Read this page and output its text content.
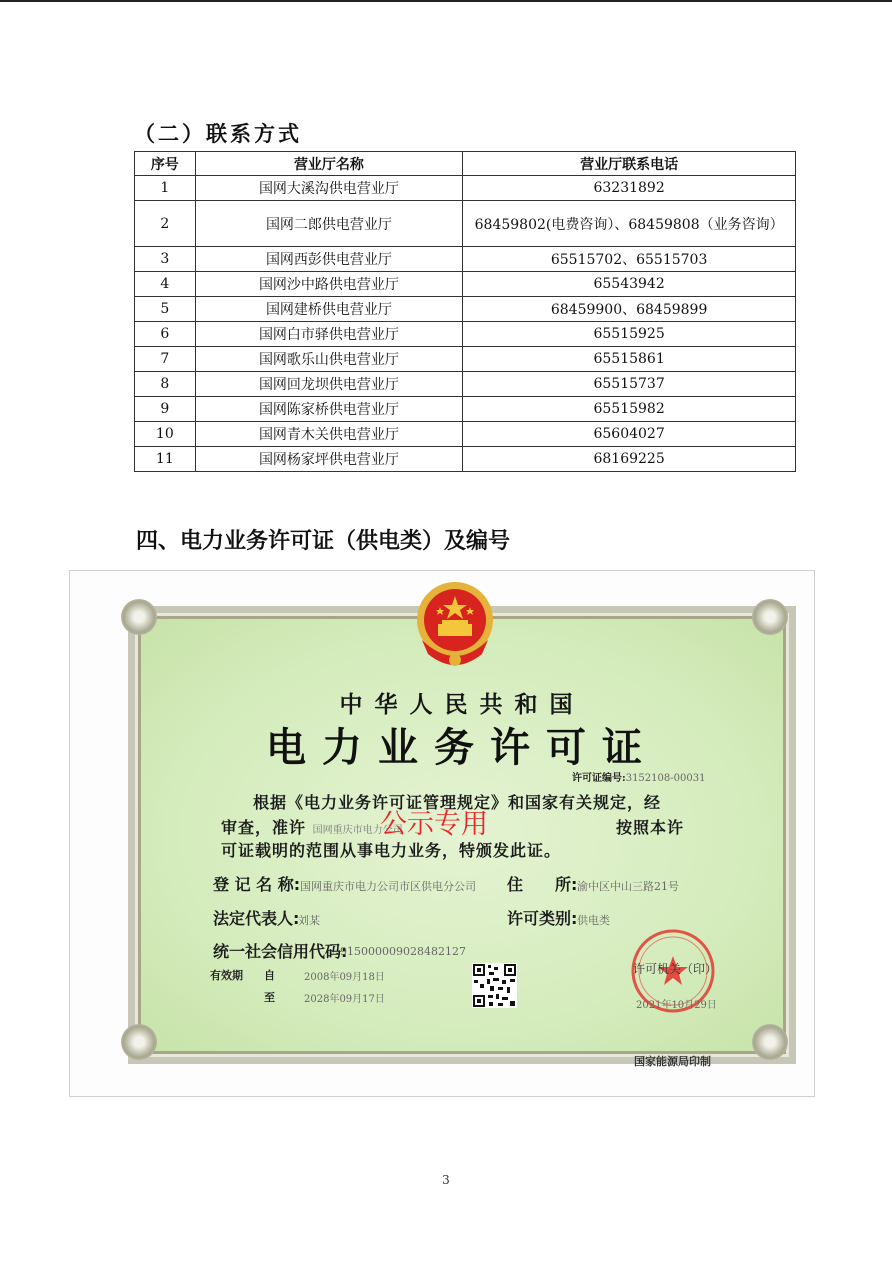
（二）联系方式
序号	营业厅名称	营业厅联系电话
1	国网大溪沟供电营业厅	63231892
2	国网二郎供电营业厅	68459802(电费咨询）、68459808（业务咨询）
3	国网西彭供电营业厅	65515702、65515703
4	国网沙中路供电营业厅	65543942
5	国网建桥供电营业厅	68459900、68459899
6	国网白市驿供电营业厅	65515925
7	国网歌乐山供电营业厅	65515861
8	国网回龙坝供电营业厅	65515737
9	国网陈家桥供电营业厅	65515982
10	国网青木关供电营业厅	65604027
11	国网杨家坪供电营业厅	68169225
四、电力业务许可证（供电类）及编号
中华人民共和国
电力业务许可证
许可证编号:3152108-00031
根据《电力业务许可证管理规定》和国家有关规定，经
审查，准许 国网重庆市电力公司	按照本许
可证载明的范围从事电力业务，特颁发此证。
公示专用
登 记 名 称: 国网重庆市电力公司市区供电分公司 住　　所: 渝中区中山三路21号
法定代表人:
刘某	许可类别: 供电类
统一社会信用代码:
915000009028482127
有效期 自	2008年09月18日
至	2028年09月17日
许可机关（印）
2021年10月29日
国家能源局印制
3
